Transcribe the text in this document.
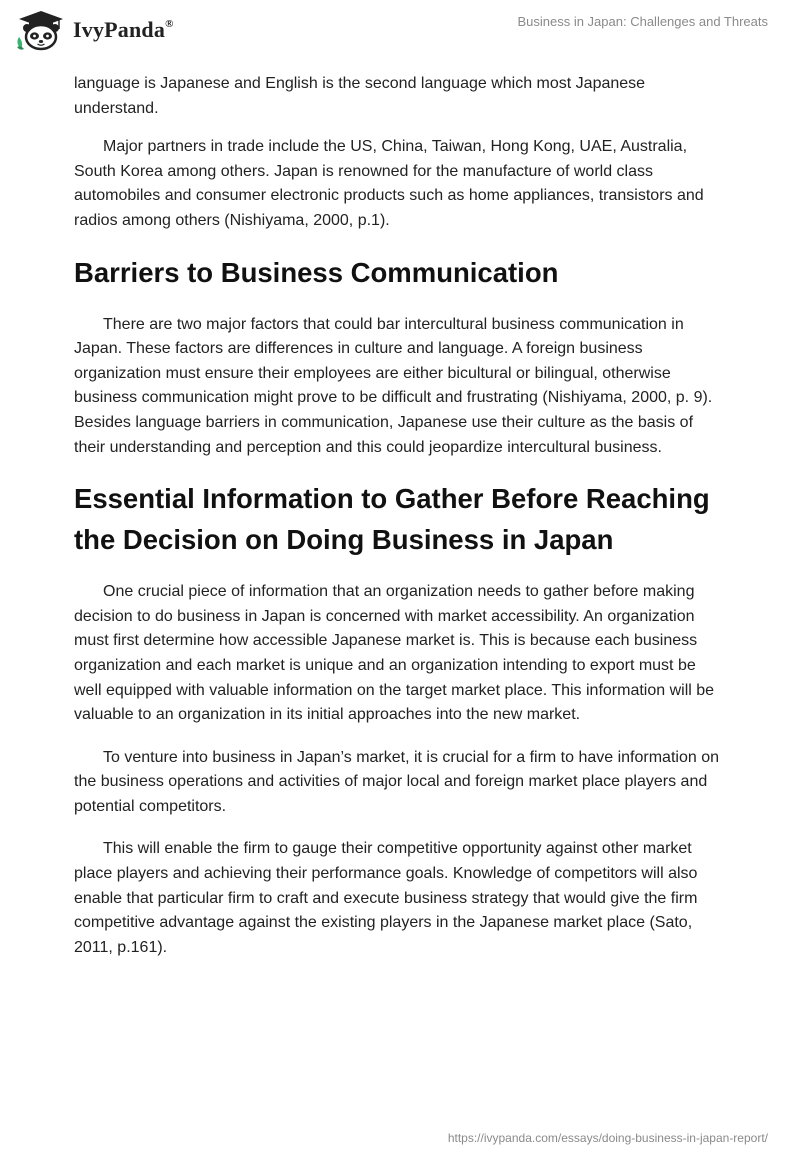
IvyPanda®	Business in Japan: Challenges and Threats

language is Japanese and English is the second language which most Japanese understand.

Major partners in trade include the US, China, Taiwan, Hong Kong, UAE, Australia, South Korea among others. Japan is renowned for the manufacture of world class automobiles and consumer electronic products such as home appliances, transistors and radios among others (Nishiyama, 2000, p.1).

Barriers to Business Communication

There are two major factors that could bar intercultural business communication in Japan. These factors are differences in culture and language. A foreign business organization must ensure their employees are either bicultural or bilingual, otherwise business communication might prove to be difficult and frustrating (Nishiyama, 2000, p. 9). Besides language barriers in communication, Japanese use their culture as the basis of their understanding and perception and this could jeopardize intercultural business.

Essential Information to Gather Before Reaching the Decision on Doing Business in Japan

One crucial piece of information that an organization needs to gather before making decision to do business in Japan is concerned with market accessibility. An organization must first determine how accessible Japanese market is. This is because each business organization and each market is unique and an organization intending to export must be well equipped with valuable information on the target market place. This information will be valuable to an organization in its initial approaches into the new market.

To venture into business in Japan’s market, it is crucial for a firm to have information on the business operations and activities of major local and foreign market place players and potential competitors.

This will enable the firm to gauge their competitive opportunity against other market place players and achieving their performance goals. Knowledge of competitors will also enable that particular firm to craft and execute business strategy that would give the firm competitive advantage against the existing players in the Japanese market place (Sato, 2011, p.161).

https://ivypanda.com/essays/doing-business-in-japan-report/
